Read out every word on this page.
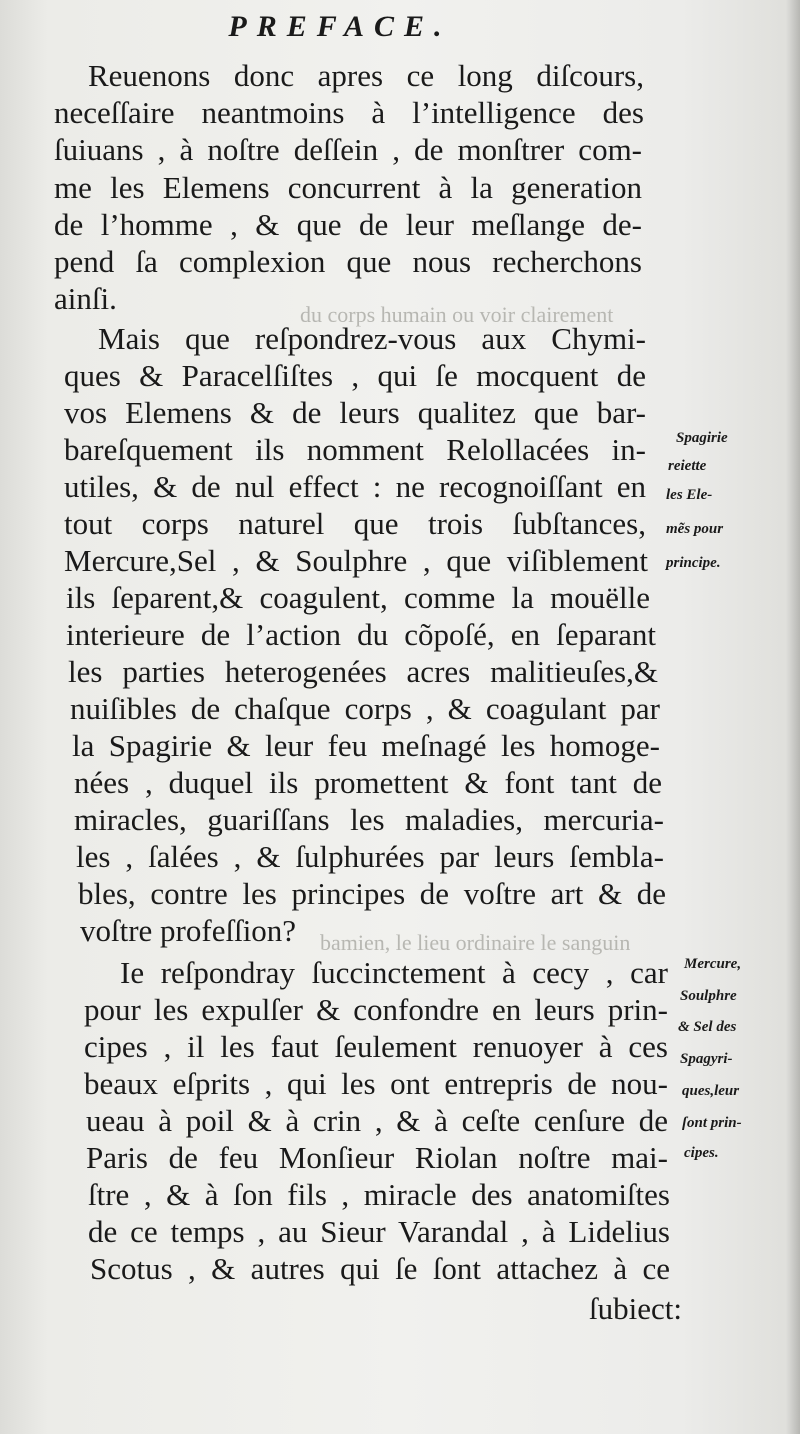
du corps humain ou voir clairement
bamien, le lieu ordinaire le sanguin

PREFACE.

Reuenons donc apres ce long diſcours,
neceſſaire neantmoins à l’intelligence des
ſuiuans , à noſtre deſſein , de monſtrer com-
me les Elemens concurrent à la generation
de l’homme , & que de leur meſlange de-
pend ſa complexion que nous recherchons
ainſi.
Mais que reſpondrez-vous aux Chymi-
ques & Paracelſiſtes , qui ſe mocquent de
vos Elemens & de leurs qualitez que bar-
bareſquement ils nomment Relollacées in-
utiles, & de nul effect : ne recognoiſſant en
tout corps naturel que trois ſubſtances,
Mercure,Sel , & Soulphre , que viſiblement
ils ſeparent,& coagulent, comme la mouëlle
interieure de l’action du cõpoſé, en ſeparant
les parties heterogenées acres malitieuſes,&
nuiſibles de chaſque corps , & coagulant par
la Spagirie & leur feu meſnagé les homoge-
nées , duquel ils promettent & font tant de
miracles, guariſſans les maladies, mercuria-
les , ſalées , & ſulphurées par leurs ſembla-
bles, contre les principes de voſtre art & de
voſtre profeſſion?
Ie reſpondray ſuccinctement à cecy , car
pour les expulſer & confondre en leurs prin-
cipes , il les faut ſeulement renuoyer à ces
beaux eſprits , qui les ont entrepris de nou-
ueau à poil & à crin , & à ceſte cenſure de
Paris de feu Monſieur Riolan noſtre mai-
ſtre , & à ſon fils , miracle des anatomiſtes
de ce temps , au Sieur Varandal , à Lidelius
Scotus , & autres qui ſe ſont attachez à ce
ſubiect:
Spagirie
reiette
les Ele-
mẽs pour
principe.
Mercure,
Soulphre
& Sel des
Spagyri-
ques,leur
ſont prin-
cipes.
